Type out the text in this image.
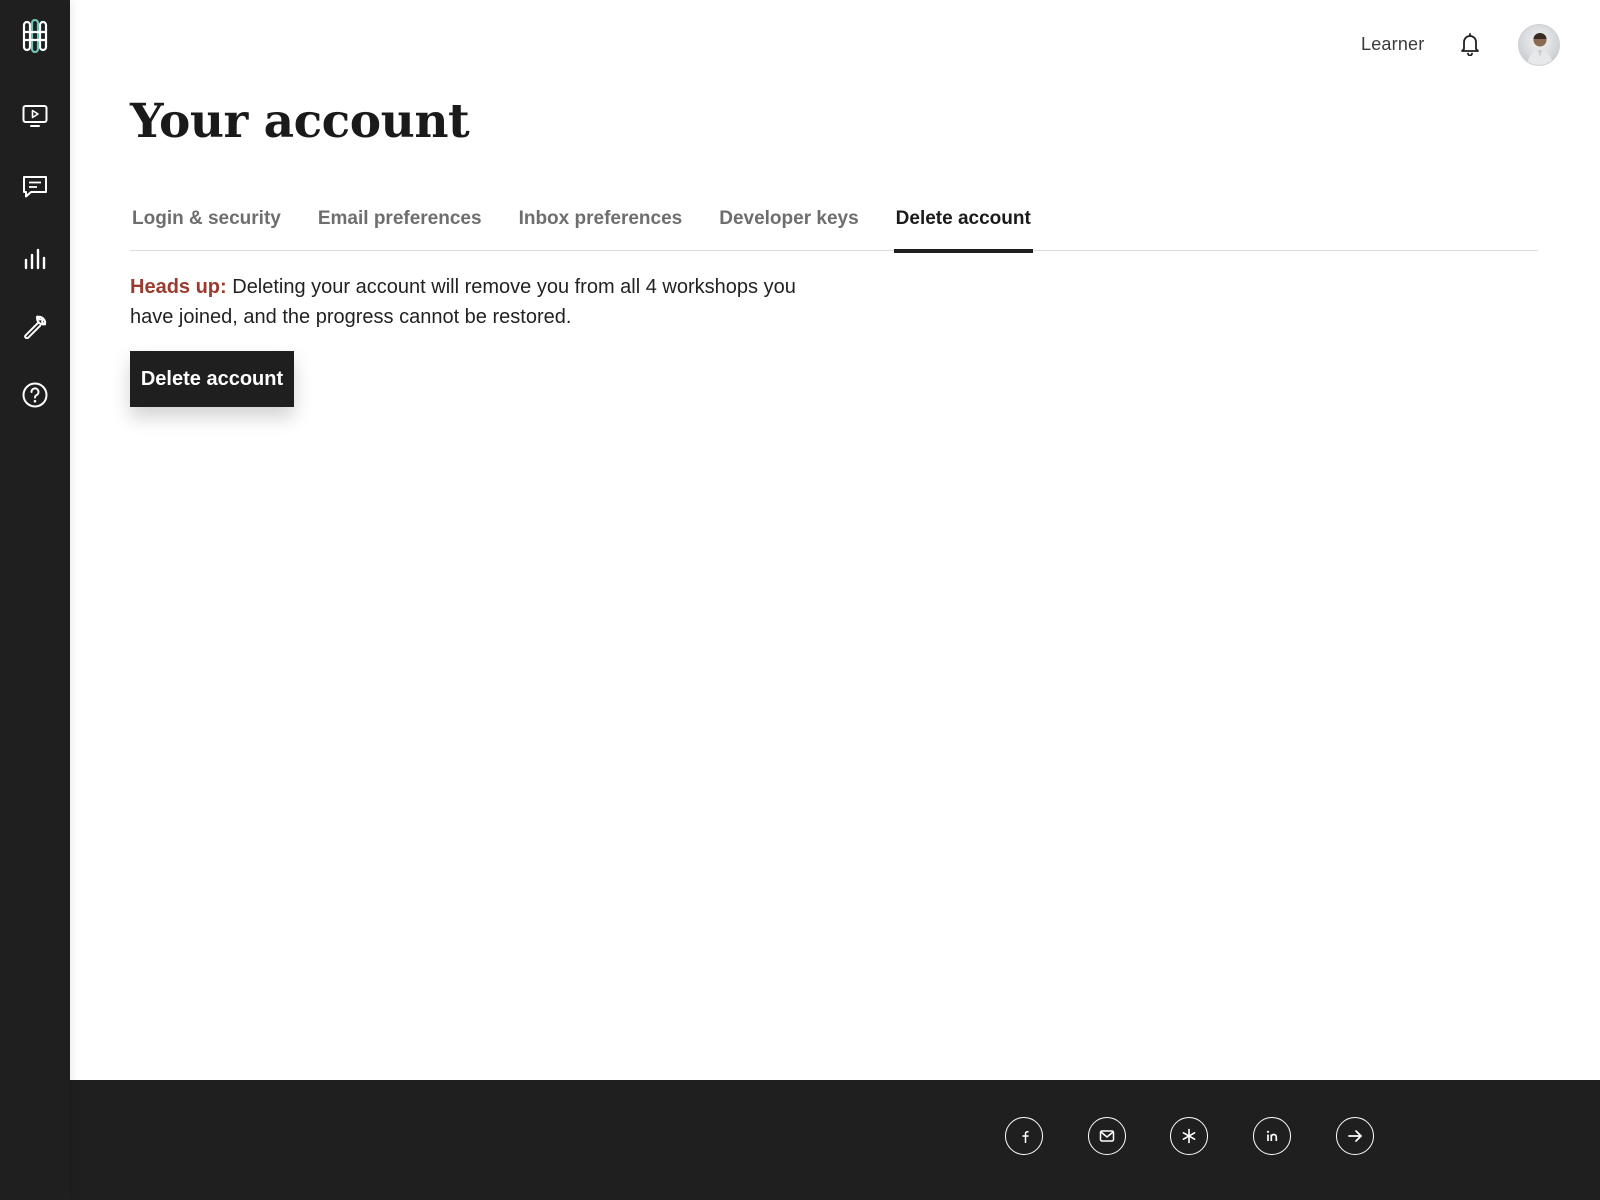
Learner
Your account
Login & security Email preferences Inbox preferences Developer keys Delete account

Heads up: Deleting your account will remove you from all 4 workshops you have joined, and the progress cannot be restored.

Delete account
